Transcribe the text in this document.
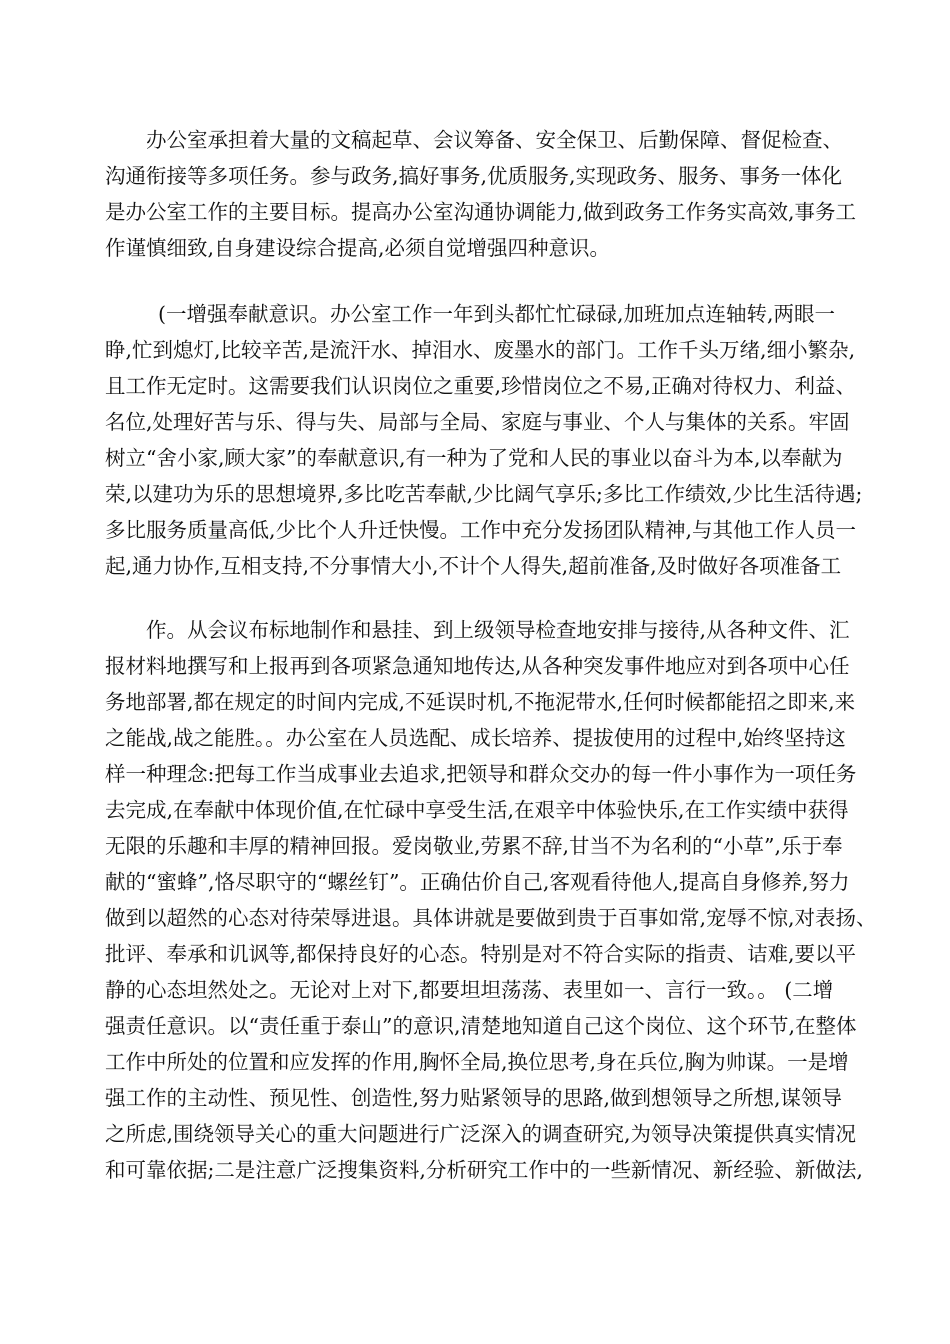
办公室承担着大量的文稿起草、会议筹备、安全保卫、后勤保障、督促检查、
沟通衔接等多项任务。参与政务,搞好事务,优质服务,实现政务、服务、事务一体化
是办公室工作的主要目标。提高办公室沟通协调能力,做到政务工作务实高效,事务工
作谨慎细致,自身建设综合提高,必须自觉增强四种意识。
(一增强奉献意识。办公室工作一年到头都忙忙碌碌,加班加点连轴转,两眼一
睁,忙到熄灯,比较辛苦,是流汗水、掉泪水、废墨水的部门。工作千头万绪,细小繁杂,
且工作无定时。这需要我们认识岗位之重要,珍惜岗位之不易,正确对待权力、利益、
名位,处理好苦与乐、得与失、局部与全局、家庭与事业、个人与集体的关系。牢固
树立“舍小家,顾大家”的奉献意识,有一种为了党和人民的事业以奋斗为本,以奉献为
荣,以建功为乐的思想境界,多比吃苦奉献,少比阔气享乐;多比工作绩效,少比生活待遇;
多比服务质量高低,少比个人升迁快慢。工作中充分发扬团队精神,与其他工作人员一
起,通力协作,互相支持,不分事情大小,不计个人得失,超前准备,及时做好各项准备工
作。从会议布标地制作和悬挂、到上级领导检查地安排与接待,从各种文件、汇
报材料地撰写和上报再到各项紧急通知地传达,从各种突发事件地应对到各项中心任
务地部署,都在规定的时间内完成,不延误时机,不拖泥带水,任何时候都能招之即来,来
之能战,战之能胜。。办公室在人员选配、成长培养、提拔使用的过程中,始终坚持这
样一种理念:把每工作当成事业去追求,把领导和群众交办的每一件小事作为一项任务
去完成,在奉献中体现价值,在忙碌中享受生活,在艰辛中体验快乐,在工作实绩中获得
无限的乐趣和丰厚的精神回报。爱岗敬业,劳累不辞,甘当不为名利的“小草”,乐于奉
献的“蜜蜂”,恪尽职守的“螺丝钉”。正确估价自己,客观看待他人,提高自身修养,努力
做到以超然的心态对待荣辱进退。具体讲就是要做到贵于百事如常,宠辱不惊,对表扬、
批评、奉承和讥讽等,都保持良好的心态。特别是对不符合实际的指责、诘难,要以平
静的心态坦然处之。无论对上对下,都要坦坦荡荡、表里如一、言行一致。。 (二增
强责任意识。以“责任重于泰山”的意识,清楚地知道自己这个岗位、这个环节,在整体
工作中所处的位置和应发挥的作用,胸怀全局,换位思考,身在兵位,胸为帅谋。一是增
强工作的主动性、预见性、创造性,努力贴紧领导的思路,做到想领导之所想,谋领导
之所虑,围绕领导关心的重大问题进行广泛深入的调查研究,为领导决策提供真实情况
和可靠依据;二是注意广泛搜集资料,分析研究工作中的一些新情况、新经验、新做法,
